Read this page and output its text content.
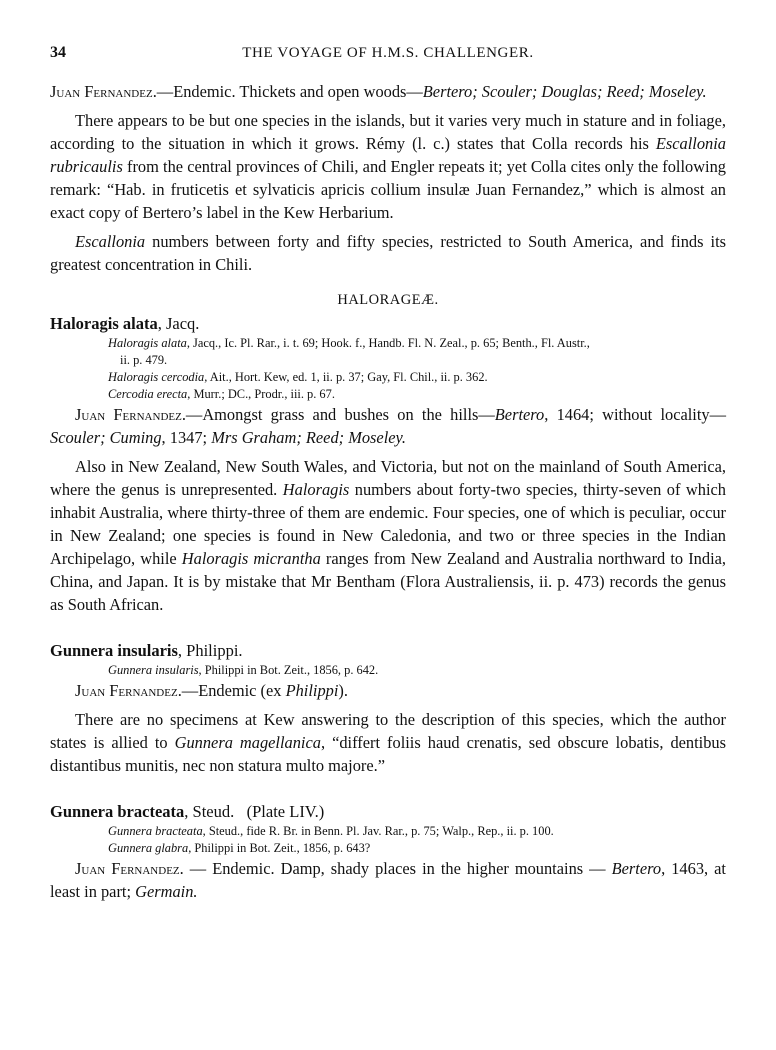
34	THE VOYAGE OF H.M.S. CHALLENGER.

Juan Fernandez.—Endemic. Thickets and open woods—Bertero; Scouler; Douglas; Reed; Moseley.

There appears to be but one species in the islands, but it varies very much in stature and in foliage, according to the situation in which it grows. Rémy (l. c.) states that Colla records his Escallonia rubricaulis from the central provinces of Chili, and Engler repeats it; yet Colla cites only the following remark: “Hab. in fruticetis et sylvaticis apricis collium insulæ Juan Fernandez,” which is almost an exact copy of Bertero’s label in the Kew Herbarium.

Escallonia numbers between forty and fifty species, restricted to South America, and finds its greatest concentration in Chili.

HALORAGEÆ.

Haloragis alata, Jacq.

Haloragis alata, Jacq., Ic. Pl. Rar., i. t. 69; Hook. f., Handb. Fl. N. Zeal., p. 65; Benth., Fl. Austr.,
ii. p. 479.

Haloragis cercodia, Ait., Hort. Kew, ed. 1, ii. p. 37; Gay, Fl. Chil., ii. p. 362.

Cercodia erecta, Murr.; DC., Prodr., iii. p. 67.

Juan Fernandez.—Amongst grass and bushes on the hills—Bertero, 1464; without locality—Scouler; Cuming, 1347; Mrs Graham; Reed; Moseley.

Also in New Zealand, New South Wales, and Victoria, but not on the mainland of South America, where the genus is unrepresented. Haloragis numbers about forty-two species, thirty-seven of which inhabit Australia, where thirty-three of them are endemic. Four species, one of which is peculiar, occur in New Zealand; one species is found in New Caledonia, and two or three species in the Indian Archipelago, while Haloragis micrantha ranges from New Zealand and Australia northward to India, China, and Japan. It is by mistake that Mr Bentham (Flora Australiensis, ii. p. 473) records the genus as South African.

Gunnera insularis, Philippi.

Gunnera insularis, Philippi in Bot. Zeit., 1856, p. 642.

Juan Fernandez.—Endemic (ex Philippi).

There are no specimens at Kew answering to the description of this species, which the author states is allied to Gunnera magellanica, “differt foliis haud crenatis, sed obscure lobatis, dentibus distantibus munitis, nec non statura multo majore.”

Gunnera bracteata, Steud. (Plate LIV.)

Gunnera bracteata, Steud., fide R. Br. in Benn. Pl. Jav. Rar., p. 75; Walp., Rep., ii. p. 100.

Gunnera glabra, Philippi in Bot. Zeit., 1856, p. 643?

Juan Fernandez. — Endemic. Damp, shady places in the higher mountains — Bertero, 1463, at least in part; Germain.
